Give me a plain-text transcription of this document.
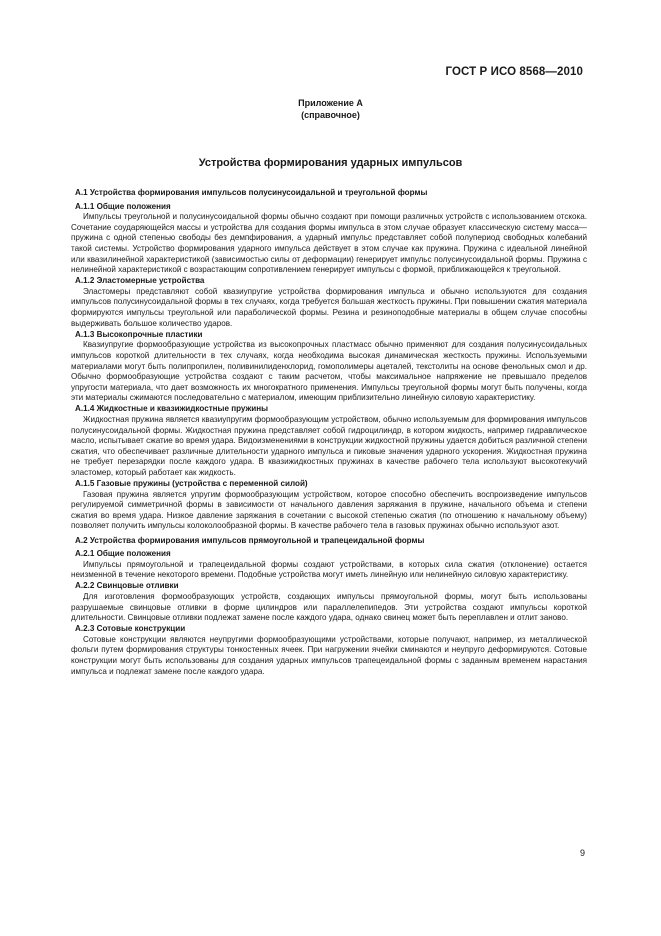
ГОСТ Р ИСО 8568—2010
Приложение А
(справочное)
Устройства формирования ударных импульсов
А.1 Устройства формирования импульсов полусинусоидальной и треугольной формы
А.1.1 Общие положения

Импульсы треугольной и полусинусоидальной формы обычно создают при помощи различных устройств с использованием отскока. Сочетание соударяющейся массы и устройства для создания формы импульса в этом случае образует классическую систему масса—пружина с одной степенью свободы без демпфирования, а ударный импульс представляет собой полупериод свободных колебаний такой системы. Устройство формирования ударного импульса действует в этом случае как пружина. Пружина с идеальной линейной или квазилинейной характеристикой (зависимостью силы от деформации) генерирует импульс полусинусоидальной формы. Пружина с нелинейной характеристикой с возрастающим сопротивлением генерирует импульсы с формой, приближающейся к треугольной.

А.1.2 Эластомерные устройства

Эластомеры представляют собой квазиупругие устройства формирования импульса и обычно используются для создания импульсов полусинусоидальной формы в тех случаях, когда требуется большая жесткость пружины. При повышении сжатия материала формируются импульсы треугольной или параболической формы. Резина и резиноподобные материалы в общем случае способны выдерживать большое количество ударов.

А.1.3 Высокопрочные пластики

Квазиупругие формообразующие устройства из высокопрочных пластмасс обычно применяют для создания полусинусоидальных импульсов короткой длительности в тех случаях, когда необходима высокая динамическая жесткость пружины. Используемыми материалами могут быть полипропилен, поливинилиденхлорид, гомополимеры ацеталей, текстолиты на основе фенольных смол и др. Обычно формообразующие устройства создают с таким расчетом, чтобы максимальное напряжение не превышало пределов упругости материала, что дает возможность их многократного применения. Импульсы треугольной формы могут быть получены, когда эти материалы сжимаются последовательно с материалом, имеющим приблизительно линейную силовую характеристику.

А.1.4 Жидкостные и квазижидкостные пружины

Жидкостная пружина является квазиупругим формообразующим устройством, обычно используемым для формирования импульсов полусинусоидальной формы. Жидкостная пружина представляет собой гидроцилиндр, в котором жидкость, например гидравлическое масло, испытывает сжатие во время удара. Видоизменениями в конструкции жидкостной пружины удается добиться различной степени сжатия, что обеспечивает различные длительности ударного импульса и пиковые значения ударного ускорения. Жидкостная пружина не требует перезарядки после каждого удара. В квазижидкостных пружинах в качестве рабочего тела используют высокотекучий эластомер, который работает как жидкость.

А.1.5 Газовые пружины (устройства с переменной силой)

Газовая пружина является упругим формообразующим устройством, которое способно обеспечить воспроизведение импульсов регулируемой симметричной формы в зависимости от начального давления заряжания в пружине, начального объема и степени сжатия во время удара. Низкое давление заряжания в сочетании с высокой степенью сжатия (по отношению к начальному объему) позволяет получить импульсы колоколообразной формы. В качестве рабочего тела в газовых пружинах обычно используют азот.

А.2 Устройства формирования импульсов прямоугольной и трапецеидальной формы
А.2.1 Общие положения

Импульсы прямоугольной и трапецеидальной формы создают устройствами, в которых сила сжатия (отклонение) остается неизменной в течение некоторого времени. Подобные устройства могут иметь линейную или нелинейную силовую характеристику.

А.2.2 Свинцовые отливки

Для изготовления формообразующих устройств, создающих импульсы прямоугольной формы, могут быть использованы разрушаемые свинцовые отливки в форме цилиндров или параллелепипедов. Эти устройства создают импульсы короткой длительности. Свинцовые отливки подлежат замене после каждого удара, однако свинец может быть переплавлен и отлит заново.

А.2.3 Сотовые конструкции

Сотовые конструкции являются неупругими формообразующими устройствами, которые получают, например, из металлической фольги путем формирования структуры тонкостенных ячеек. При нагружении ячейки сминаются и неупруго деформируются. Сотовые конструкции могут быть использованы для создания ударных импульсов трапецеидальной формы с заданным временем нарастания импульса и подлежат замене после каждого удара.

9
